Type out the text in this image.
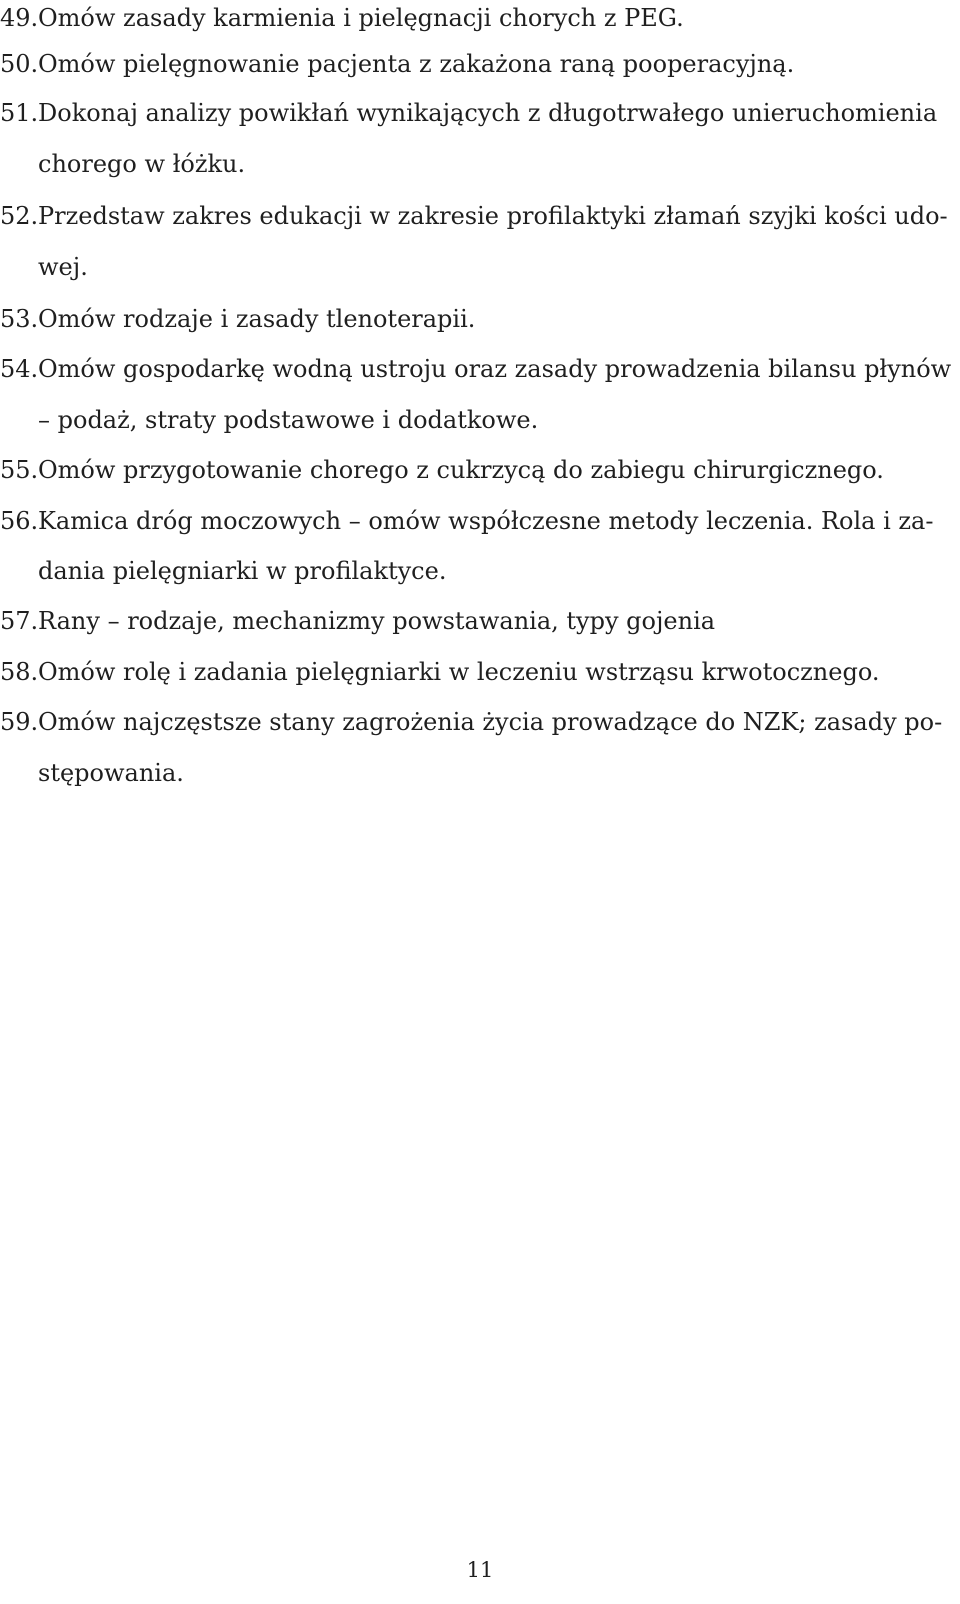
49.Omów zasady karmienia i pielęgnacji chorych z PEG.
50.Omów pielęgnowanie pacjenta z zakażona raną pooperacyjną.
51.Dokonaj analizy powikłań wynikających z długotrwałego unieruchomienia
chorego w łóżku.
52.Przedstaw zakres edukacji w zakresie profilaktyki złamań szyjki kości udo-
wej.
53.Omów rodzaje i zasady tlenoterapii.
54.Omów gospodarkę wodną ustroju oraz zasady prowadzenia bilansu płynów
– podaż, straty podstawowe i dodatkowe.
55.Omów przygotowanie chorego z cukrzycą do zabiegu chirurgicznego.
56.Kamica dróg moczowych – omów współczesne metody leczenia. Rola i za-
dania pielęgniarki w profilaktyce.
57.Rany – rodzaje, mechanizmy powstawania, typy gojenia
58.Omów rolę i zadania pielęgniarki w leczeniu wstrząsu krwotocznego.
59.Omów najczęstsze stany zagrożenia życia prowadzące do NZK; zasady po-
stępowania.
11
